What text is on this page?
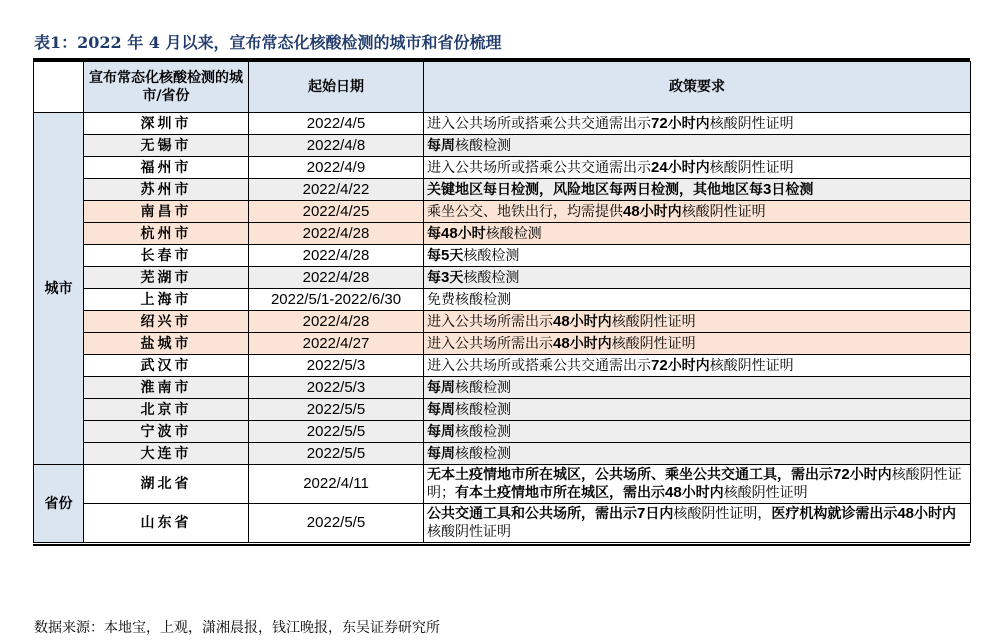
表1：2022 年 4 月以来，宣布常态化核酸检测的城市和省份梳理
	宣布常态化核酸检测的城市/省份	起始日期	政策要求
城市	深圳市	2022/4/5	进入公共场所或搭乘公共交通需出示72小时内核酸阴性证明
	无锡市	2022/4/8	每周核酸检测
	福州市	2022/4/9	进入公共场所或搭乘公共交通需出示24小时内核酸阴性证明
	苏州市	2022/4/22	关键地区每日检测，风险地区每两日检测，其他地区每3日检测
	南昌市	2022/4/25	乘坐公交、地铁出行，均需提供48小时内核酸阴性证明
	杭州市	2022/4/28	每48小时核酸检测
	长春市	2022/4/28	每5天核酸检测
	芜湖市	2022/4/28	每3天核酸检测
	上海市	2022/5/1-2022/6/30	免费核酸检测
	绍兴市	2022/4/28	进入公共场所需出示48小时内核酸阴性证明
	盐城市	2022/4/27	进入公共场所需出示48小时内核酸阴性证明
	武汉市	2022/5/3	进入公共场所或搭乘公共交通需出示72小时内核酸阴性证明
	淮南市	2022/5/3	每周核酸检测
	北京市	2022/5/5	每周核酸检测
	宁波市	2022/5/5	每周核酸检测
	大连市	2022/5/5	每周核酸检测
省份	湖北省	2022/4/11	无本土疫情地市所在城区，公共场所、乘坐公共交通工具，需出示72小时内核酸阴性证明；有本土疫情地市所在城区，需出示48小时内核酸阴性证明
	山东省	2022/5/5	公共交通工具和公共场所，需出示7日内核酸阴性证明，医疗机构就诊需出示48小时内核酸阴性证明
数据来源：本地宝，上观，潇湘晨报，钱江晚报，东吴证券研究所
